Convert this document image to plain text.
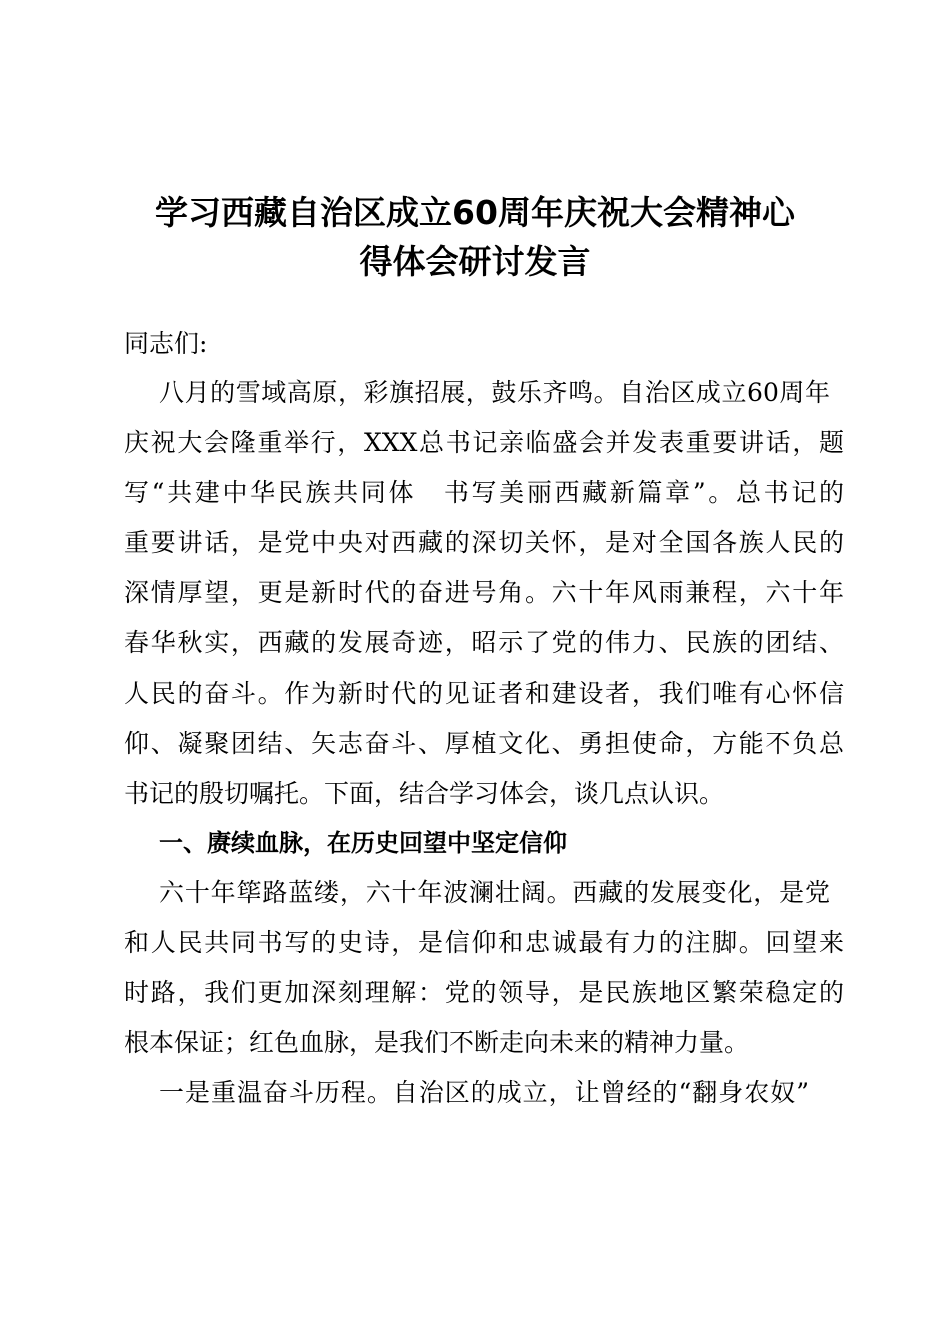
学习西藏自治区成立60周年庆祝大会精神心
得体会研讨发言
同志们:
八月的雪域高原，彩旗招展，鼓乐齐鸣。自治区成立60周年
庆祝大会隆重举行，XXX总书记亲临盛会并发表重要讲话，题
写“共建中华民族共同体　书写美丽西藏新篇章”。总书记的
重要讲话，是党中央对西藏的深切关怀，是对全国各族人民的
深情厚望，更是新时代的奋进号角。六十年风雨兼程，六十年
春华秋实，西藏的发展奇迹，昭示了党的伟力、民族的团结、
人民的奋斗。作为新时代的见证者和建设者，我们唯有心怀信
仰、凝聚团结、矢志奋斗、厚植文化、勇担使命，方能不负总
书记的殷切嘱托。下面，结合学习体会，谈几点认识。
一、赓续血脉，在历史回望中坚定信仰
六十年筚路蓝缕，六十年波澜壮阔。西藏的发展变化，是党
和人民共同书写的史诗，是信仰和忠诚最有力的注脚。回望来
时路，我们更加深刻理解：党的领导，是民族地区繁荣稳定的
根本保证；红色血脉，是我们不断走向未来的精神力量。
一是重温奋斗历程。自治区的成立，让曾经的“翻身农奴”
